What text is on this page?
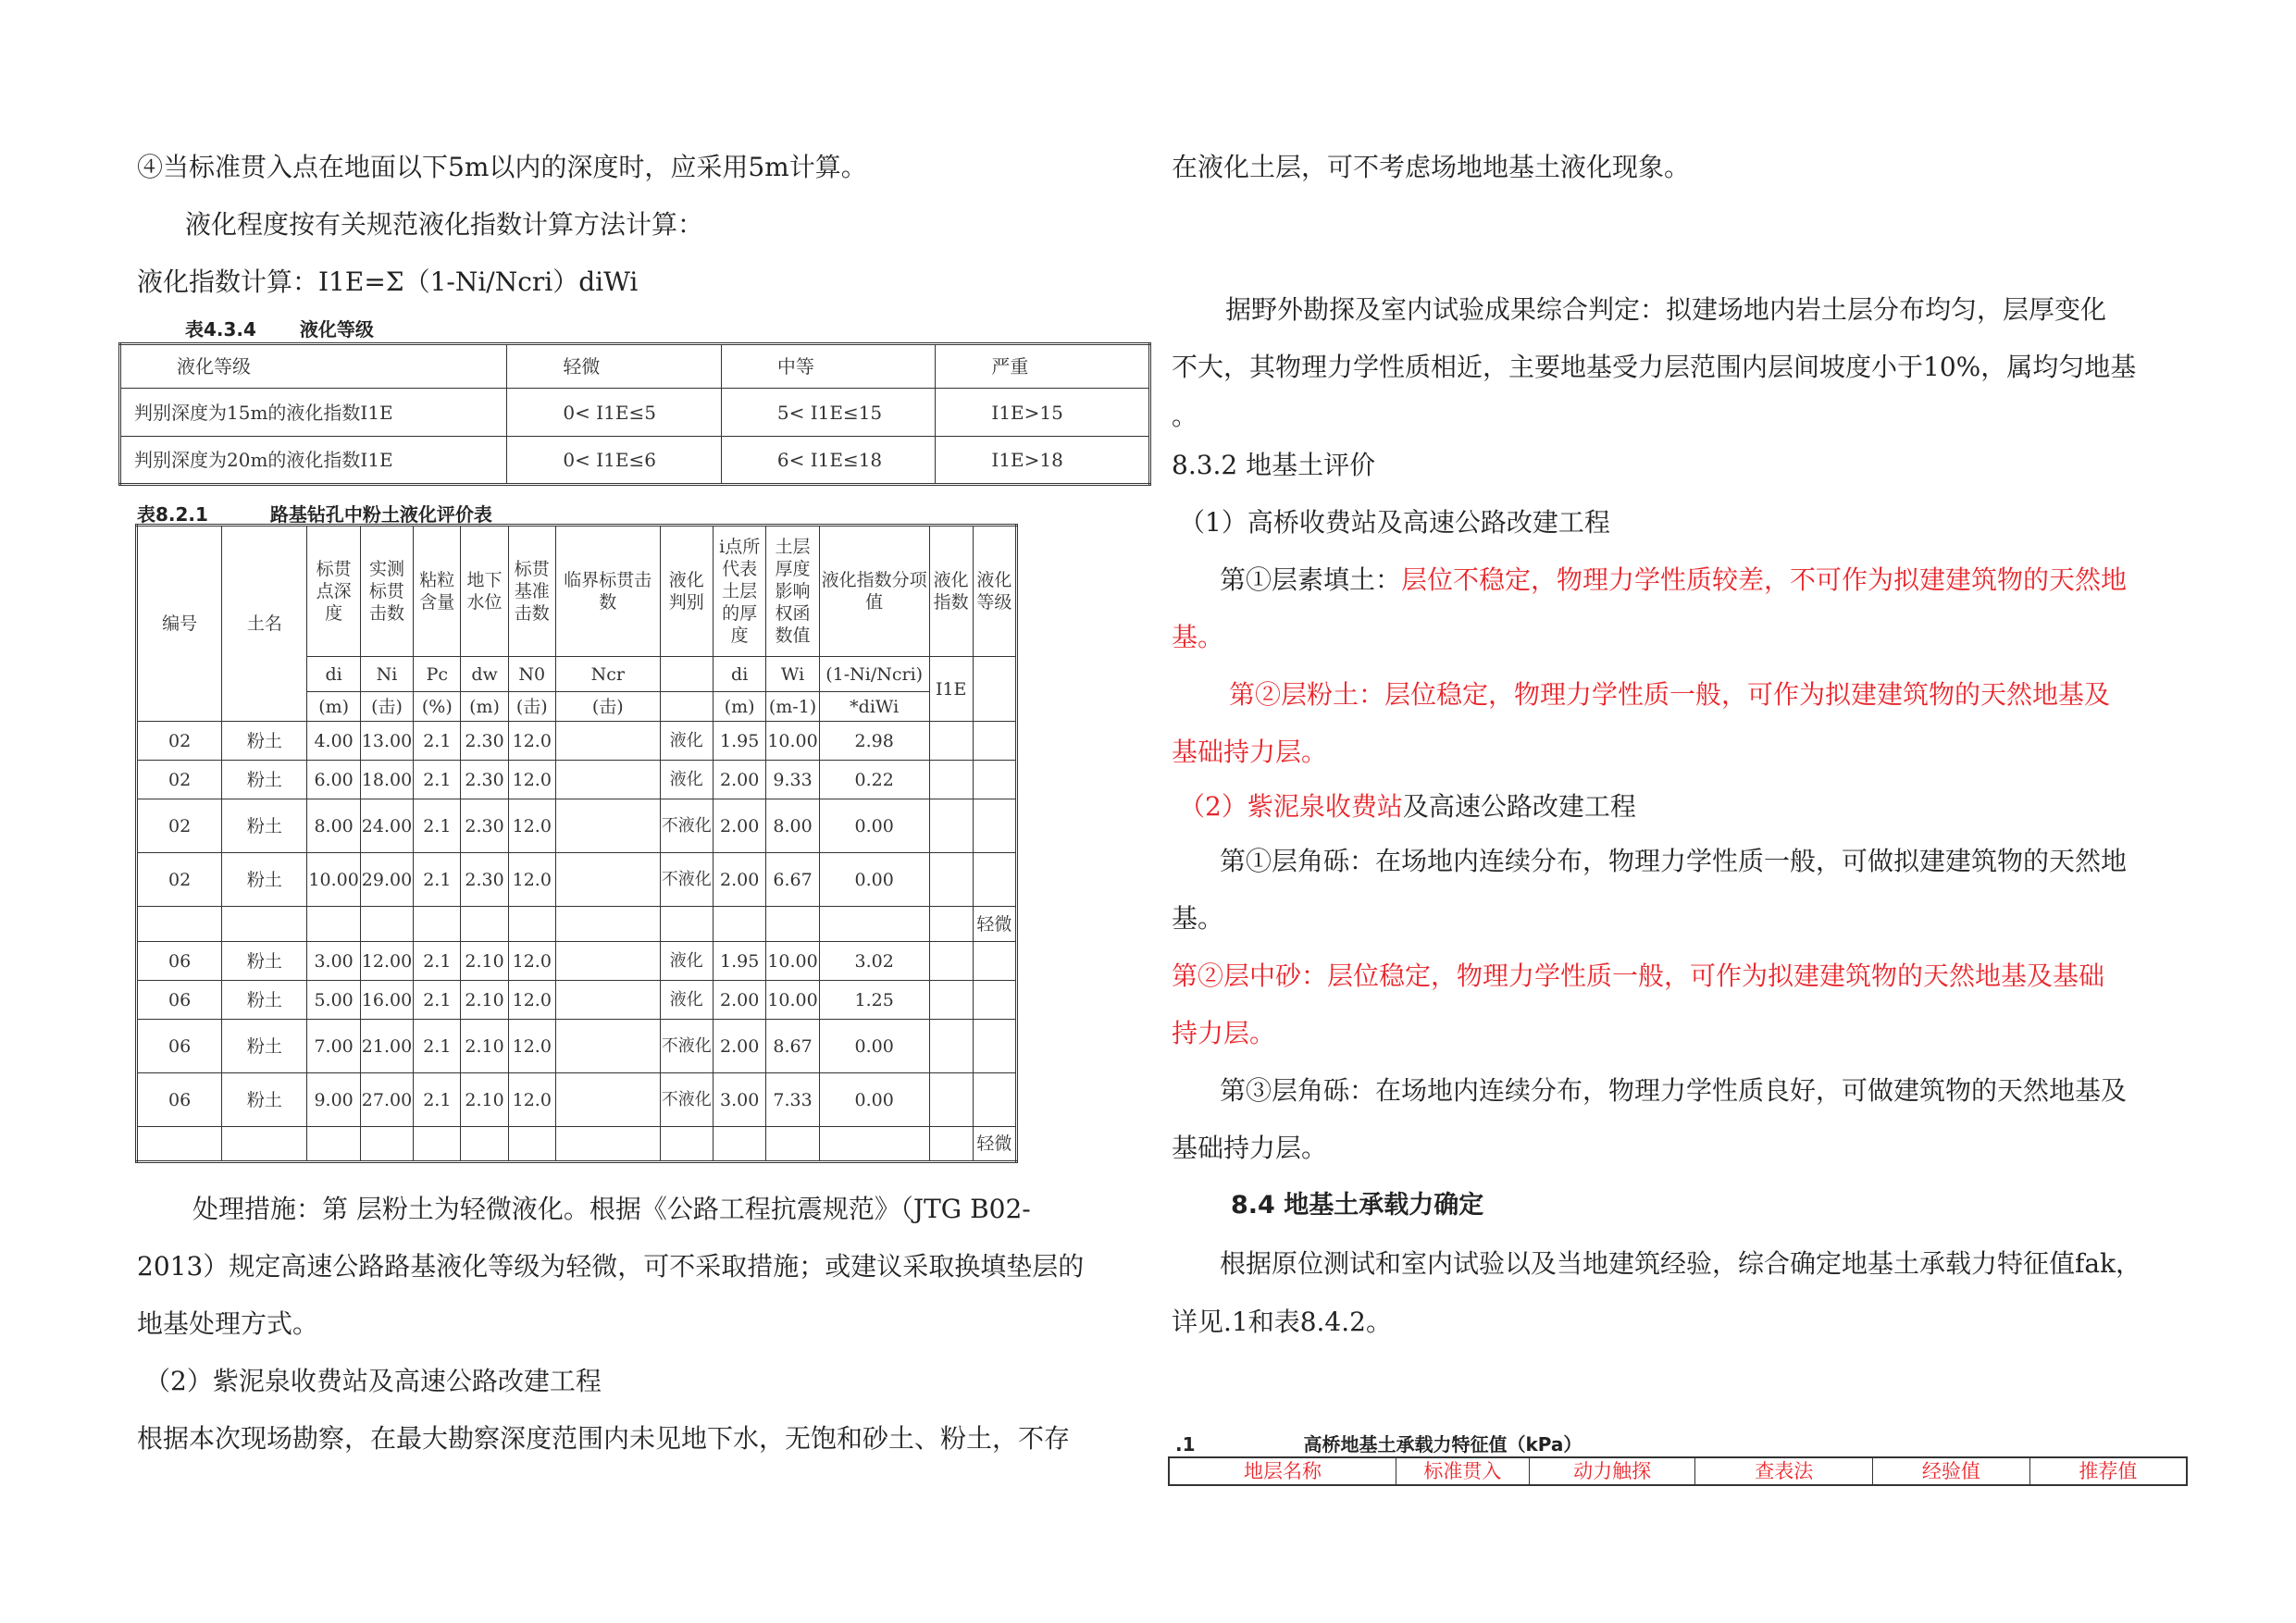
④当标准贯入点在地面以下5m以内的深度时，应采用5m计算。

液化程度按有关规范液化指数计算方法计算：

液化指数计算：I1E=Σ（1-Ni/Ncri）diWi

表4.3.4 液化等级
液化等级	轻微	中等	严重
判别深度为15m的液化指数I1E	0< I1E≤5	5< I1E≤15	I1E>15
判别深度为20m的液化指数I1E	0< I1E≤6	6< I1E≤18	I1E>18
表8.2.1	路基钻孔中粉土液化评价表
编号	土名	标贯点深度	实测标贯击数	粘粒含量	地下水位	标贯基准击数	临界标贯击数	液化判别	i点所代表土层的厚度	土层厚度影响权函数值	液化指数分项值	液化指数	液化等级
		di	Ni	Pc	dw	N0	Ncr		di	Wi	(1-Ni/Ncri)	I1E	
		(m)	(击)	(%)	(m)	(击)	(击)		(m)	(m-1)	*diWi		
02	粉土	4.00	13.00	2.1	2.30	12.0		液化	1.95	10.00	2.98		
02	粉土	6.00	18.00	2.1	2.30	12.0		液化	2.00	9.33	0.22		
02	粉土	8.00	24.00	2.1	2.30	12.0		不液化	2.00	8.00	0.00		
02	粉土	10.00	29.00	2.1	2.30	12.0		不液化	2.00	6.67	0.00		
													轻微
06	粉土	3.00	12.00	2.1	2.10	12.0		液化	1.95	10.00	3.02		
06	粉土	5.00	16.00	2.1	2.10	12.0		液化	2.00	10.00	1.25		
06	粉土	7.00	21.00	2.1	2.10	12.0		不液化	2.00	8.67	0.00		
06	粉土	9.00	27.00	2.1	2.10	12.0		不液化	3.00	7.33	0.00		
													轻微

处理措施：第 层粉土为轻微液化。根据《公路工程抗震规范》（JTG B02-

2013）规定高速公路路基液化等级为轻微，可不采取措施；或建议采取换填垫层的

地基处理方式。

（2）紫泥泉收费站及高速公路改建工程

根据本次现场勘察，在最大勘察深度范围内未见地下水，无饱和砂土、粉土，不存

在液化土层，可不考虑场地地基土液化现象。

据野外勘探及室内试验成果综合判定：拟建场地内岩土层分布均匀，层厚变化

不大，其物理力学性质相近，主要地基受力层范围内层间坡度小于10%，属均匀地基

。

8.3.2 地基土评价

（1）高桥收费站及高速公路改建工程

第①层素填土：层位不稳定，物理力学性质较差，不可作为拟建建筑物的天然地

基。

第②层粉土：层位稳定，物理力学性质一般，可作为拟建建筑物的天然地基及

基础持力层。

（2）紫泥泉收费站及高速公路改建工程

第①层角砾：在场地内连续分布，物理力学性质一般，可做拟建建筑物的天然地

基。

第②层中砂：层位稳定，物理力学性质一般，可作为拟建建筑物的天然地基及基础

持力层。

第③层角砾：在场地内连续分布，物理力学性质良好，可做建筑物的天然地基及

基础持力层。

8.4 地基土承载力确定

根据原位测试和室内试验以及当地建筑经验，综合确定地基土承载力特征值fak，

详见.1和表8.4.2。

.1	高桥地基土承载力特征值（kPa）
地层名称	标准贯入	动力触探	查表法	经验值	推荐值
